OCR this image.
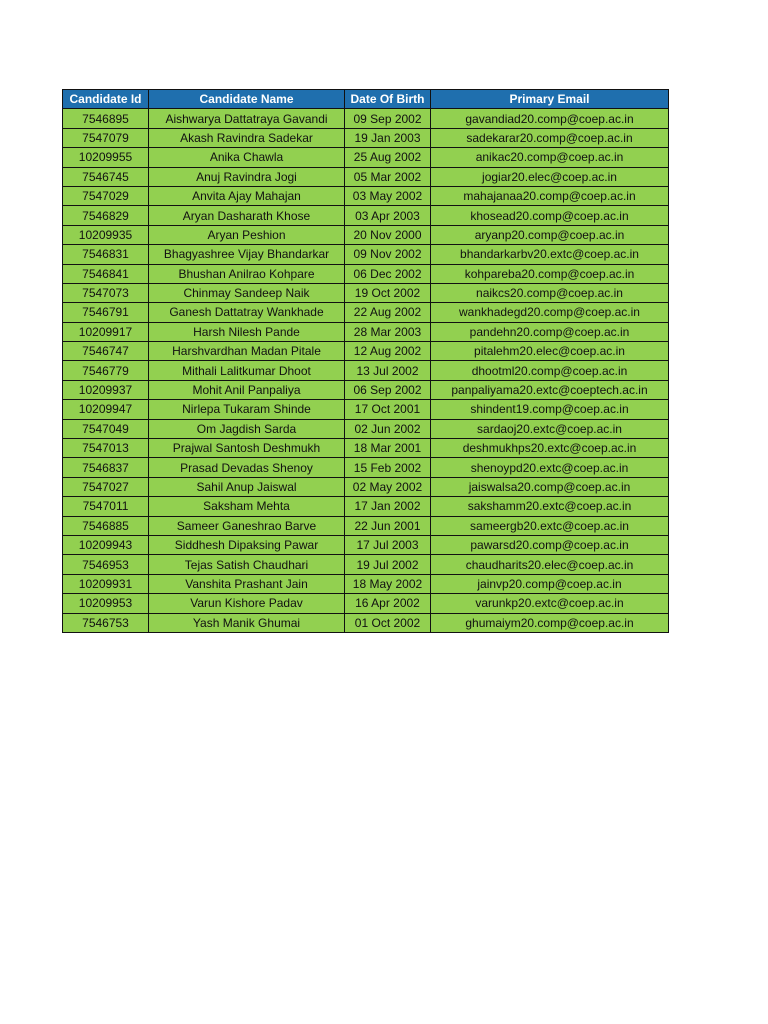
Candidate Id	Candidate Name	Date Of Birth	Primary Email
7546895	Aishwarya Dattatraya Gavandi	09 Sep 2002	gavandiad20.comp@coep.ac.in
7547079	Akash Ravindra Sadekar	19 Jan 2003	sadekarar20.comp@coep.ac.in
10209955	Anika Chawla	25 Aug 2002	anikac20.comp@coep.ac.in
7546745	Anuj Ravindra Jogi	05 Mar 2002	jogiar20.elec@coep.ac.in
7547029	Anvita Ajay Mahajan	03 May 2002	mahajanaa20.comp@coep.ac.in
7546829	Aryan Dasharath Khose	03 Apr 2003	khosead20.comp@coep.ac.in
10209935	Aryan Peshion	20 Nov 2000	aryanp20.comp@coep.ac.in
7546831	Bhagyashree Vijay Bhandarkar	09 Nov 2002	bhandarkarbv20.extc@coep.ac.in
7546841	Bhushan Anilrao Kohpare	06 Dec 2002	kohpareba20.comp@coep.ac.in
7547073	Chinmay Sandeep Naik	19 Oct 2002	naikcs20.comp@coep.ac.in
7546791	Ganesh Dattatray Wankhade	22 Aug 2002	wankhadegd20.comp@coep.ac.in
10209917	Harsh Nilesh Pande	28 Mar 2003	pandehn20.comp@coep.ac.in
7546747	Harshvardhan Madan Pitale	12 Aug 2002	pitalehm20.elec@coep.ac.in
7546779	Mithali Lalitkumar Dhoot	13 Jul 2002	dhootml20.comp@coep.ac.in
10209937	Mohit Anil Panpaliya	06 Sep 2002	panpaliyama20.extc@coeptech.ac.in
10209947	Nirlepa Tukaram Shinde	17 Oct 2001	shindent19.comp@coep.ac.in
7547049	Om Jagdish Sarda	02 Jun 2002	sardaoj20.extc@coep.ac.in
7547013	Prajwal Santosh Deshmukh	18 Mar 2001	deshmukhps20.extc@coep.ac.in
7546837	Prasad Devadas Shenoy	15 Feb 2002	shenoypd20.extc@coep.ac.in
7547027	Sahil Anup Jaiswal	02 May 2002	jaiswalsa20.comp@coep.ac.in
7547011	Saksham Mehta	17 Jan 2002	sakshamm20.extc@coep.ac.in
7546885	Sameer Ganeshrao Barve	22 Jun 2001	sameergb20.extc@coep.ac.in
10209943	Siddhesh Dipaksing Pawar	17 Jul 2003	pawarsd20.comp@coep.ac.in
7546953	Tejas Satish Chaudhari	19 Jul 2002	chaudharits20.elec@coep.ac.in
10209931	Vanshita Prashant Jain	18 May 2002	jainvp20.comp@coep.ac.in
10209953	Varun Kishore Padav	16 Apr 2002	varunkp20.extc@coep.ac.in
7546753	Yash Manik Ghumai	01 Oct 2002	ghumaiym20.comp@coep.ac.in
